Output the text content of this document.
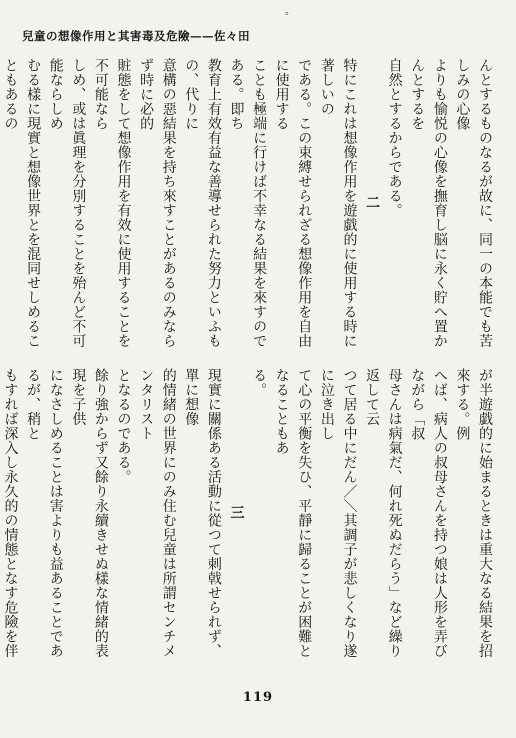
。
兒童の想像作用と其害毒及危險——佐々田
んとするものなるが故に、同一の本能でも苦しみの心像
よりも愉悦の心像を撫育し脳に永く貯へ置かんとするを
自然とするからである。
二
特にこれは想像作用を遊戯的に使用する時に著しいの
である。この束縛せられざる想像作用を自由に使用する
ことも極端に行けば不幸なる結果を來すのである。即ち
教育上有效有益な善導せられた努力といふもの、代りに
意構の惡結果を持ち來すことがあるのみならず時に必的
賍態をして想像作用を有效に使用することを不可能なら
しめ、或は眞理を分別することを殆んど不可能ならしめ
むる樣に現實と想像世界とを混同せしめることもあるの
が半遊戯的に始まるときは重大なる結果を招來する。例
へば、病人の叔母さんを持つ娘は人形を弄びながら「叔
母さんは病氣だ、何れ死ぬだらう」など繰り返して云
つて居る中にだん／＼其調子が悲しくなり遂に泣き出し
て心の平衡を失ひ、平靜に歸ることが困難となることもあ
る。
三
現實に關係ある活動に從つて刺戟せられず、單に想像
的情緒の世界にのみ住む兒童は所謂センチメンタリスト
となるのである。
餘り強からず又餘り永續きせぬ樣な情緒的表現を子供
になさしめることは害よりも益あることであるが、稍と
もすれば深入し永久的の情態となす危險を伴
119
